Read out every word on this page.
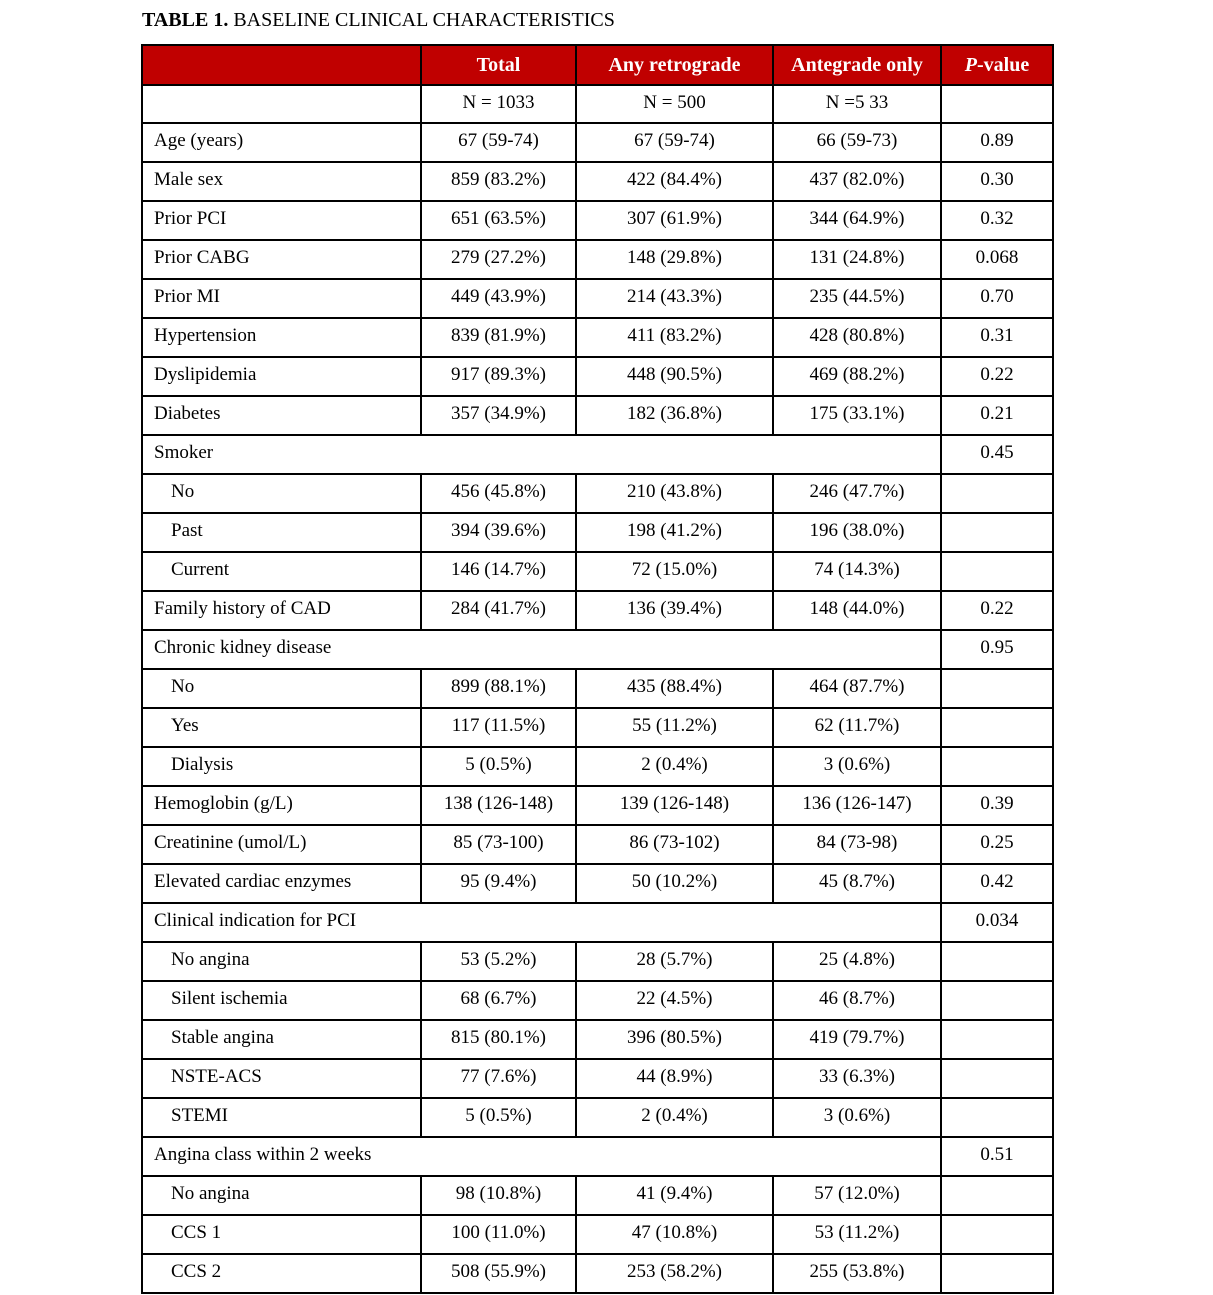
TABLE 1. BASELINE CLINICAL CHARACTERISTICS

	Total	Any retrograde	Antegrade only	P-value
	N = 1033	N = 500	N =5 33	
Age (years)	67 (59-74)	67 (59-74)	66 (59-73)	0.89
Male sex	859 (83.2%)	422 (84.4%)	437 (82.0%)	0.30
Prior PCI	651 (63.5%)	307 (61.9%)	344 (64.9%)	0.32
Prior CABG	279 (27.2%)	148 (29.8%)	131 (24.8%)	0.068
Prior MI	449 (43.9%)	214 (43.3%)	235 (44.5%)	0.70
Hypertension	839 (81.9%)	411 (83.2%)	428 (80.8%)	0.31
Dyslipidemia	917 (89.3%)	448 (90.5%)	469 (88.2%)	0.22
Diabetes	357 (34.9%)	182 (36.8%)	175 (33.1%)	0.21
Smoker				0.45
No	456 (45.8%)	210 (43.8%)	246 (47.7%)	
Past	394 (39.6%)	198 (41.2%)	196 (38.0%)	
Current	146 (14.7%)	72 (15.0%)	74 (14.3%)	
Family history of CAD	284 (41.7%)	136 (39.4%)	148 (44.0%)	0.22
Chronic kidney disease				0.95
No	899 (88.1%)	435 (88.4%)	464 (87.7%)	
Yes	117 (11.5%)	55 (11.2%)	62 (11.7%)	
Dialysis	5 (0.5%)	2 (0.4%)	3 (0.6%)	
Hemoglobin (g/L)	138 (126-148)	139 (126-148)	136 (126-147)	0.39
Creatinine (umol/L)	85 (73-100)	86 (73-102)	84 (73-98)	0.25
Elevated cardiac enzymes	95 (9.4%)	50 (10.2%)	45 (8.7%)	0.42
Clinical indication for PCI				0.034
No angina	53 (5.2%)	28 (5.7%)	25 (4.8%)	
Silent ischemia	68 (6.7%)	22 (4.5%)	46 (8.7%)	
Stable angina	815 (80.1%)	396 (80.5%)	419 (79.7%)	
NSTE-ACS	77 (7.6%)	44 (8.9%)	33 (6.3%)	
STEMI	5 (0.5%)	2 (0.4%)	3 (0.6%)	
Angina class within 2 weeks				0.51
No angina	98 (10.8%)	41 (9.4%)	57 (12.0%)	
CCS 1	100 (11.0%)	47 (10.8%)	53 (11.2%)	
CCS 2	508 (55.9%)	253 (58.2%)	255 (53.8%)	
